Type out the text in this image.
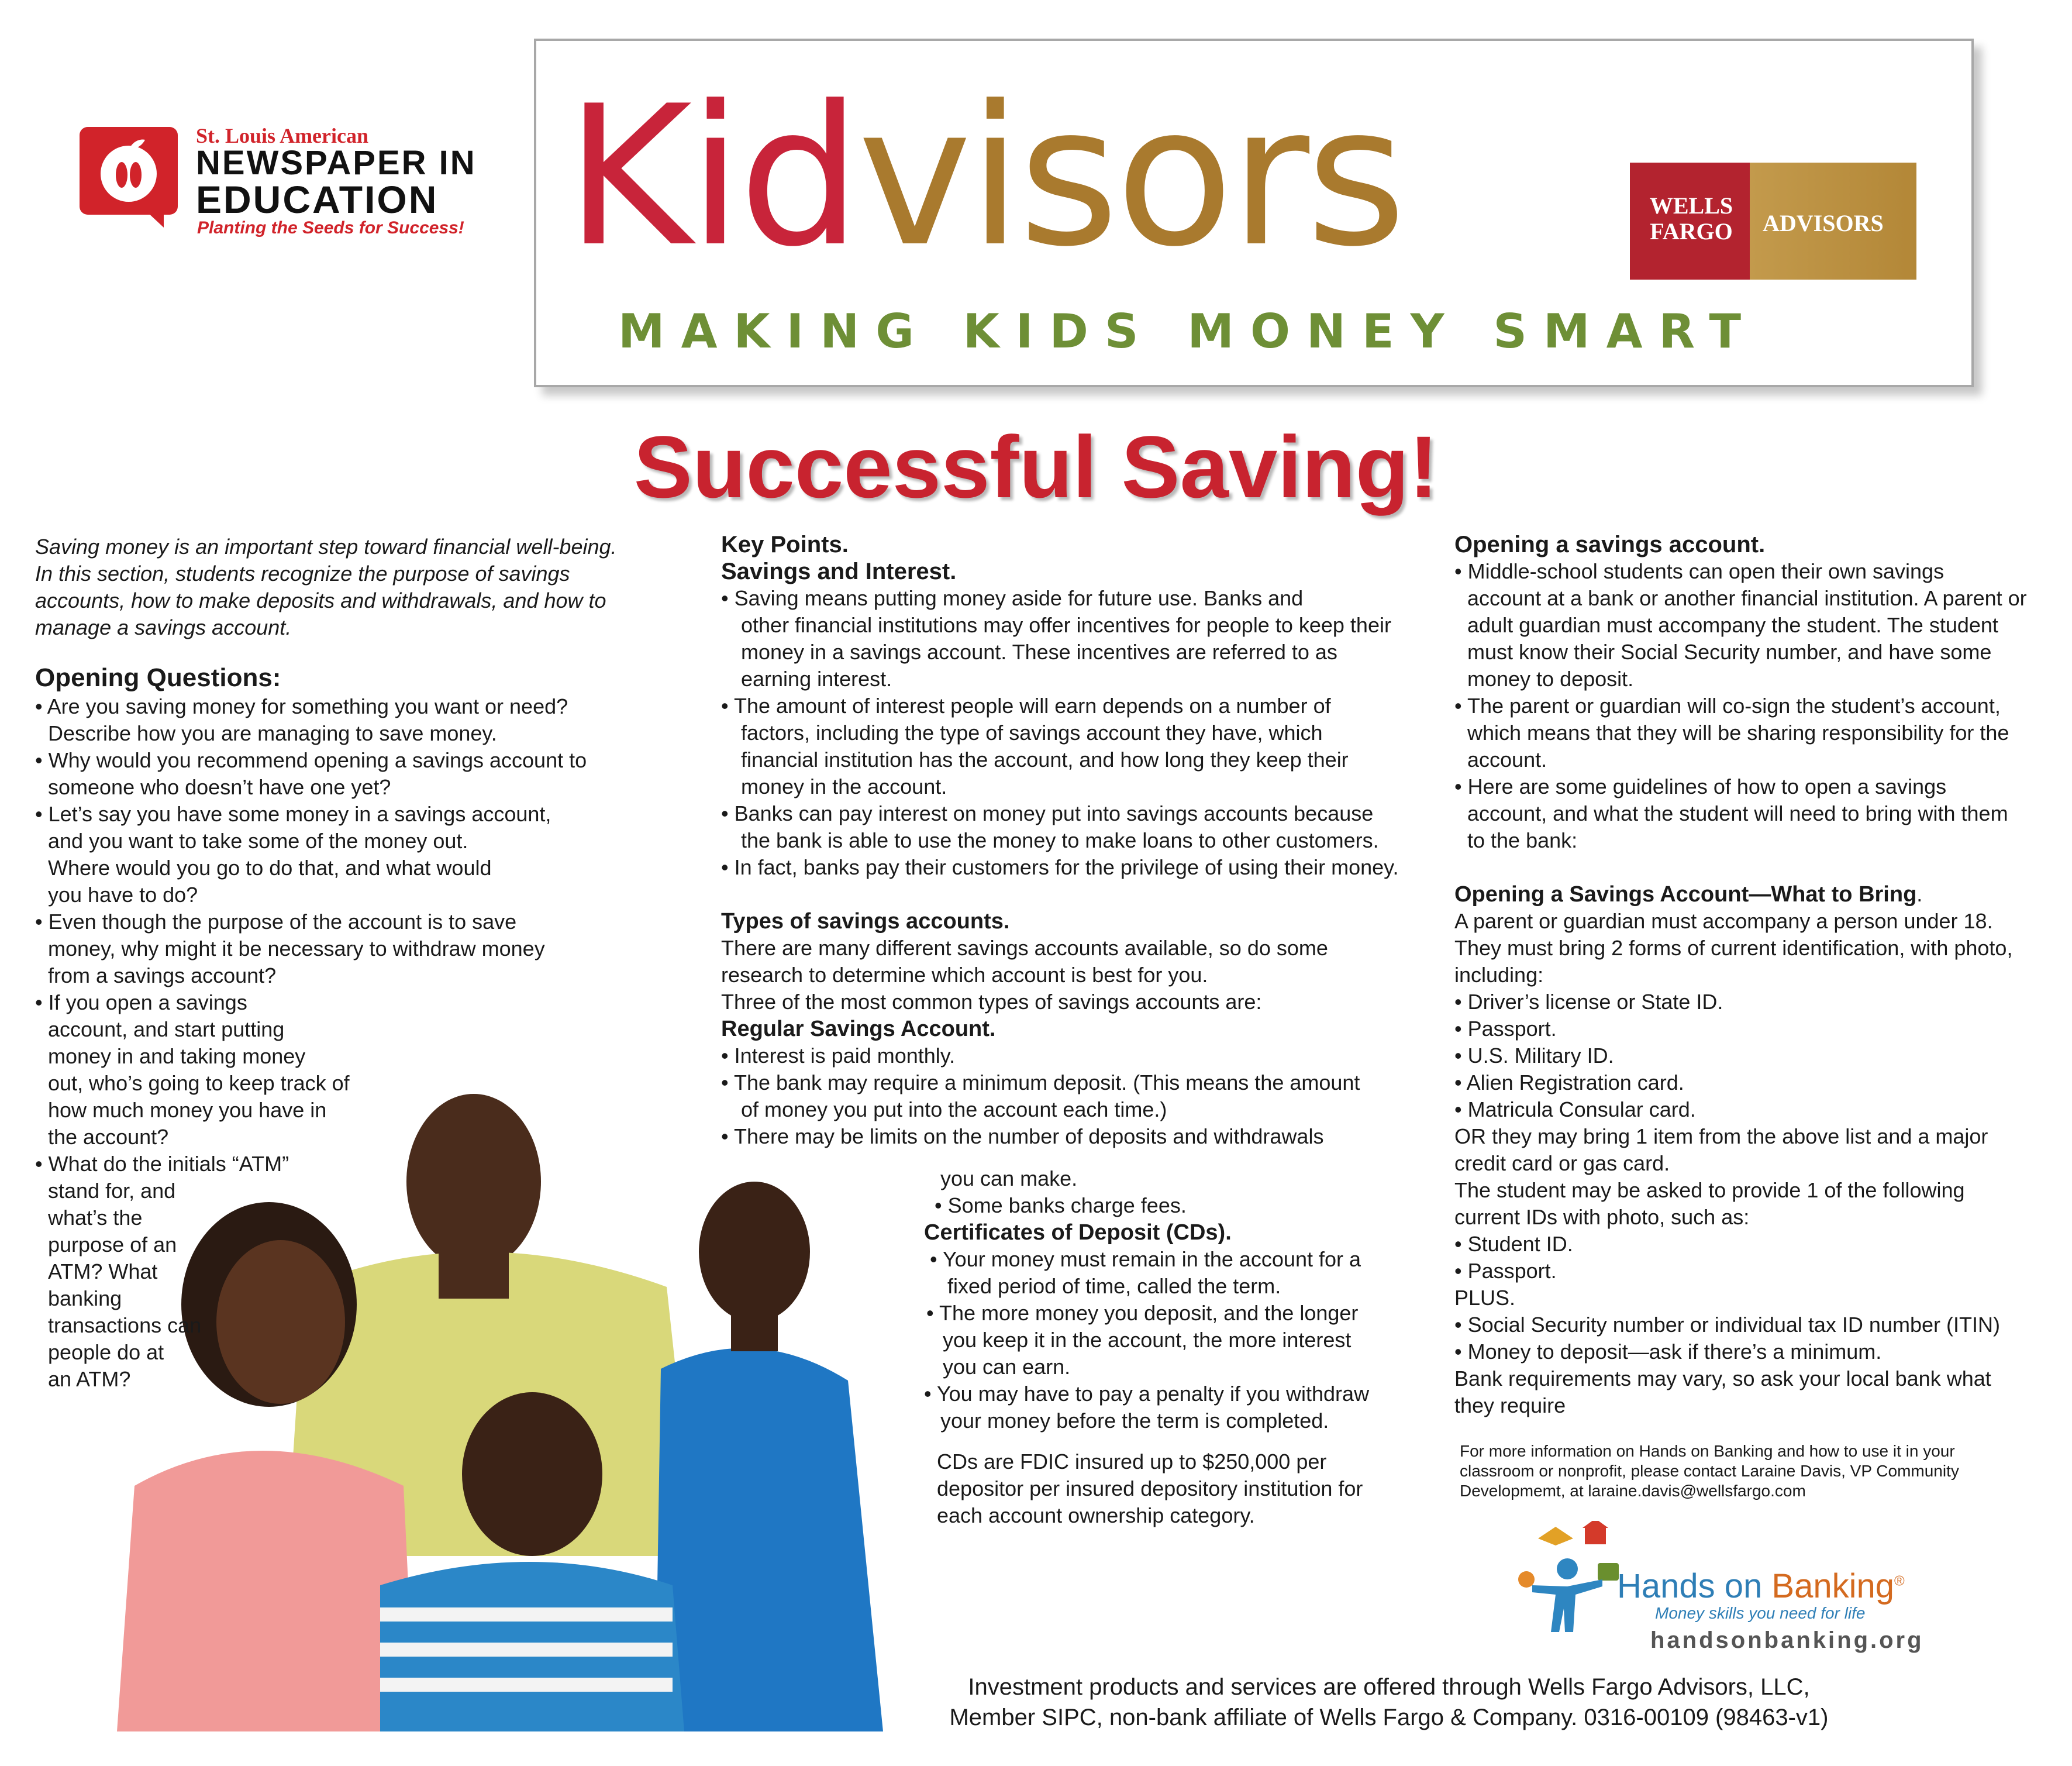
St. Louis American
NEWSPAPER IN
EDUCATION
Planting the Seeds for Success! Kidvisors
MAKING KIDS MONEY SMART
WELLS FARGO	ADVISORS
Successful Saving!

Saving money is an important step toward financial well-being.

In this section, students recognize the purpose of savings

accounts, how to make deposits and withdrawals, and how to

manage a savings account.

Opening Questions:

• Are you saving money for something you want or need?

Describe how you are managing to save money.

• Why would you recommend opening a savings account to

someone who doesn’t have one yet?

• Let’s say you have some money in a savings account,

and you want to take some of the money out.

Where would you go to do that, and what would

you have to do?

• Even though the purpose of the account is to save

money, why might it be necessary to withdraw money

from a savings account?

• If you open a savings

account, and start putting

money in and taking money

out, who’s going to keep track of

how much money you have in

the account?

• What do the initials “ATM”

stand for, and

what’s the

purpose of an

ATM? What

banking

transactions can

people do at

an ATM?

Key Points.

Savings and Interest.

• Saving means putting money aside for future use. Banks and

other financial institutions may offer incentives for people to keep their

money in a savings account. These incentives are referred to as

earning interest.

• The amount of interest people will earn depends on a number of

factors, including the type of savings account they have, which

financial institution has the account, and how long they keep their

money in the account.

• Banks can pay interest on money put into savings accounts because

the bank is able to use the money to make loans to other customers.

• In fact, banks pay their customers for the privilege of using their money.

Types of savings accounts.

There are many different savings accounts available, so do some

research to determine which account is best for you.

Three of the most common types of savings accounts are:

Regular Savings Account.

• Interest is paid monthly.

• The bank may require a minimum deposit. (This means the amount

of money you put into the account each time.)

• There may be limits on the number of deposits and withdrawals

you can make.

• Some banks charge fees.

Certificates of Deposit (CDs).

• Your money must remain in the account for a

fixed period of time, called the term.

• The more money you deposit, and the longer

you keep it in the account, the more interest

you can earn.

• You may have to pay a penalty if you withdraw

your money before the term is completed.

CDs are FDIC insured up to $250,000 per

depositor per insured depository institution for

each account ownership category.

Opening a savings account.

• Middle-school students can open their own savings

account at a bank or another financial institution. A parent or

adult guardian must accompany the student. The student

must know their Social Security number, and have some

money to deposit.

• The parent or guardian will co-sign the student’s account,

which means that they will be sharing responsibility for the

account.

• Here are some guidelines of how to open a savings

account, and what the student will need to bring with them

to the bank:

Opening a Savings Account—What to Bring.

A parent or guardian must accompany a person under 18.

They must bring 2 forms of current identification, with photo,

including:

• Driver’s license or State ID.

• Passport.

• U.S. Military ID.

• Alien Registration card.

• Matricula Consular card.

OR they may bring 1 item from the above list and a major

credit card or gas card.

The student may be asked to provide 1 of the following

current IDs with photo, such as:

• Student ID.

• Passport.

PLUS.

• Social Security number or individual tax ID number (ITIN)

• Money to deposit—ask if there’s a minimum.

Bank requirements may vary, so ask your local bank what

they require

For more information on Hands on Banking and how to use it in your

classroom or nonprofit, please contact Laraine Davis, VP Community

Developmemt, at laraine.davis@wellsfargo.com

Hands on Banking®
Money skills you need for life
handsonbanking.org

Investment products and services are offered through Wells Fargo Advisors, LLC,

Member SIPC, non-bank affiliate of Wells Fargo & Company. 0316-00109 (98463-v1)
